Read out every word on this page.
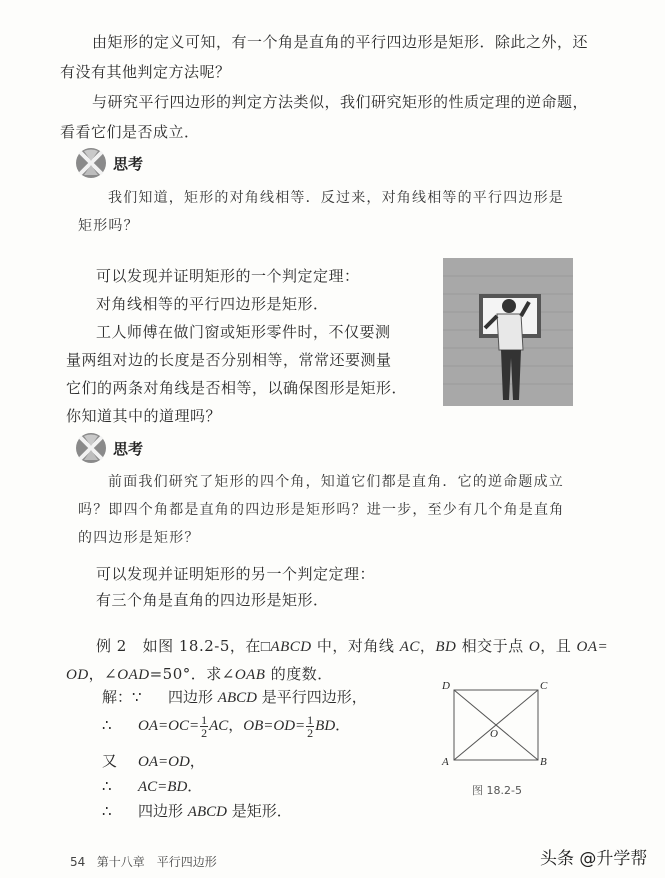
由矩形的定义可知，有一个角是直角的平行四边形是矩形．除此之外，还
有没有其他判定方法呢？
与研究平行四边形的判定方法类似，我们研究矩形的性质定理的逆命题，
看看它们是否成立．
思考
我们知道，矩形的对角线相等．反过来，对角线相等的平行四边形是
矩形吗？
可以发现并证明矩形的一个判定定理：
对角线相等的平行四边形是矩形．
工人师傅在做门窗或矩形零件时，不仅要测
量两组对边的长度是否分别相等，常常还要测量
它们的两条对角线是否相等，以确保图形是矩形．
你知道其中的道理吗？
思考
前面我们研究了矩形的四个角，知道它们都是直角．它的逆命题成立
吗？即四个角都是直角的四边形是矩形吗？进一步，至少有几个角是直角
的四边形是矩形？
可以发现并证明矩形的另一个判定定理：
有三个角是直角的四边形是矩形．
例 2 如图 18.2-5，在□ABCD 中，对角线 AC，BD 相交于点 O，且 OA=
OD，∠OAD=50°．求∠OAB 的度数．
解：∵ 四边形 ABCD 是平行四边形，
∴ $OA=OC= \frac{1}{2}$ AC，$OB=OD= \frac{1}{2}$ BD．
又 OA=OD，
∴ AC=BD．
∴ 四边形 ABCD 是矩形．
D	C
A	B
O
图 18.2-5
54 第十八章　平行四边形	头条 @升学帮
